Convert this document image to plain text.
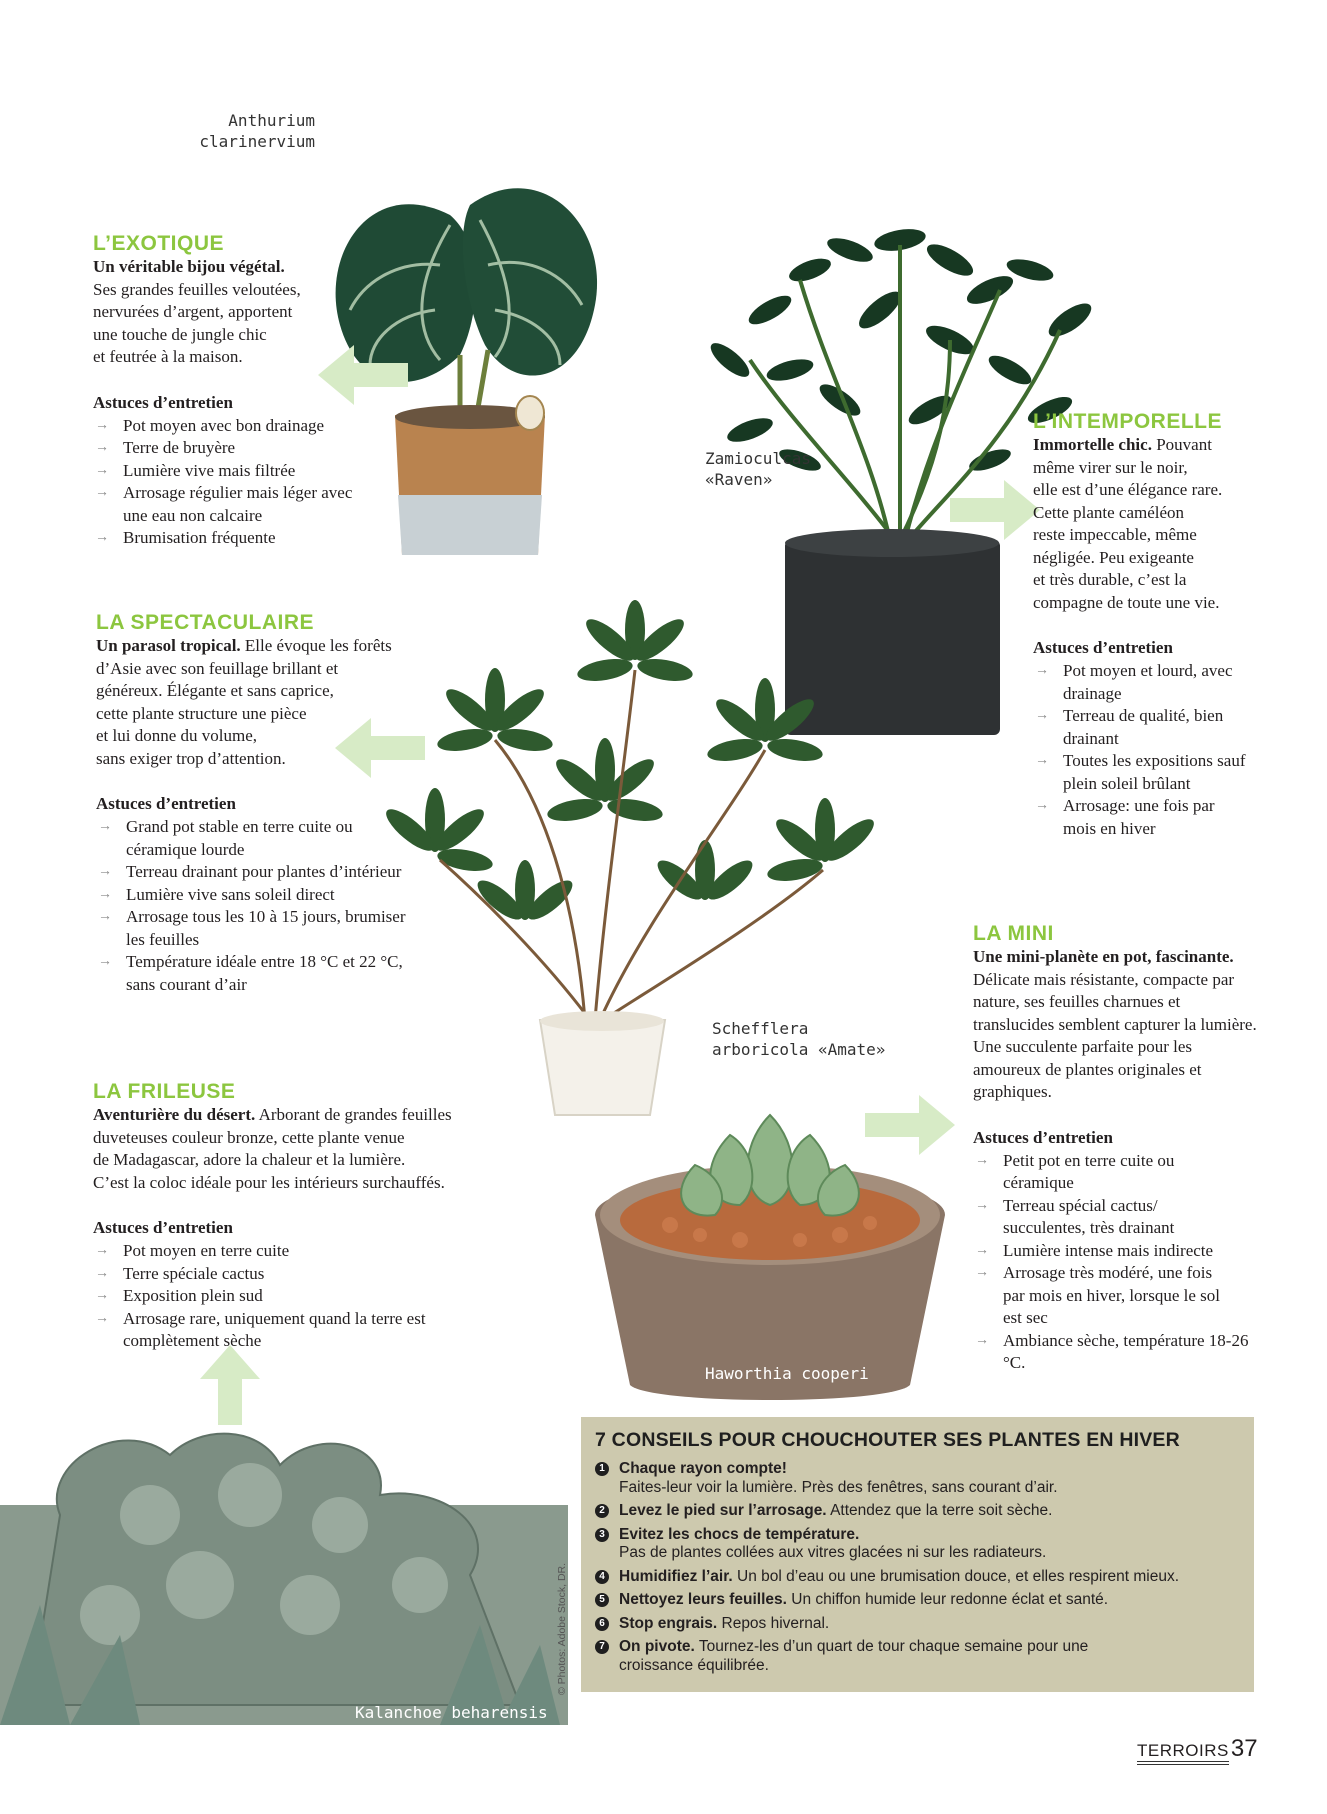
Anthurium
clarinervium
Zamioculcas
«Raven»
Schefflera
arboricola «Amate»
Haworthia cooperi
Kalanchoe beharensis
L’EXOTIQUE

Un véritable bijou végétal.

Ses grandes feuilles veloutées,
nervurées d’argent, apportent
une touche de jungle chic
et feutrée à la maison.

Astuces d’entretien

→ Pot moyen avec bon drainage
→ Terre de bruyère
→ Lumière vive mais filtrée
→ Arrosage régulier mais léger avec une eau non calcaire
→ Brumisation fréquente
L’INTEMPORELLE

Immortelle chic. Pouvant
même virer sur le noir,
elle est d’une élégance rare.
Cette plante caméléon
reste impeccable, même
négligée. Peu exigeante
et très durable, c’est la
compagne de toute une vie.

Astuces d’entretien

→ Pot moyen et lourd, avec drainage
→ Terreau de qualité, bien drainant
→ Toutes les expositions sauf plein soleil brûlant
→ Arrosage: une fois par mois en hiver
LA SPECTACULAIRE

Un parasol tropical. Elle évoque les forêts
d’Asie avec son feuillage brillant et
généreux. Élégante et sans caprice,
cette plante structure une pièce
et lui donne du volume,
sans exiger trop d’attention.

Astuces d’entretien

→ Grand pot stable en terre cuite ou céramique lourde
→ Terreau drainant pour plantes d’intérieur
→ Lumière vive sans soleil direct
→ Arrosage tous les 10 à 15 jours, brumiser les feuilles
→ Température idéale entre 18 °C et 22 °C, sans courant d’air
LA MINI

Une mini-planète en pot, fascinante. Délicate mais résistante, compacte par nature, ses feuilles charnues et translucides semblent capturer la lumière. Une succulente parfaite pour les amoureux de plantes originales et graphiques.

Astuces d’entretien

→ Petit pot en terre cuite ou céramique
→ Terreau spécial cactus/ succulentes, très drainant
→ Lumière intense mais indirecte
→ Arrosage très modéré, une fois par mois en hiver, lorsque le sol est sec
→ Ambiance sèche, température 18-26 °C.
LA FRILEUSE

Aventurière du désert. Arborant de grandes feuilles
duveteuses couleur bronze, cette plante venue
de Madagascar, adore la chaleur et la lumière.
C’est la coloc idéale pour les intérieurs surchauffés.

Astuces d’entretien

→ Pot moyen en terre cuite
→ Terre spéciale cactus
→ Exposition plein sud
→ Arrosage rare, uniquement quand la terre est complètement sèche
7 CONSEILS POUR CHOUCHOUTER SES PLANTES EN HIVER
1 Chaque rayon compte!
Faites-leur voir la lumière. Près des fenêtres, sans courant d’air.
2 Levez le pied sur l’arrosage. Attendez que la terre soit sèche.
3 Evitez les chocs de température.
Pas de plantes collées aux vitres glacées ni sur les radiateurs.
4 Humidifiez l’air. Un bol d’eau ou une brumisation douce, et elles respirent mieux.
5 Nettoyez leurs feuilles. Un chiffon humide leur redonne éclat et santé.
6 Stop engrais. Repos hivernal.
7 On pivote. Tournez-les d’un quart de tour chaque semaine pour une croissance équilibrée.
© Photos: Adobe Stock, DR.
TERROIRS37
